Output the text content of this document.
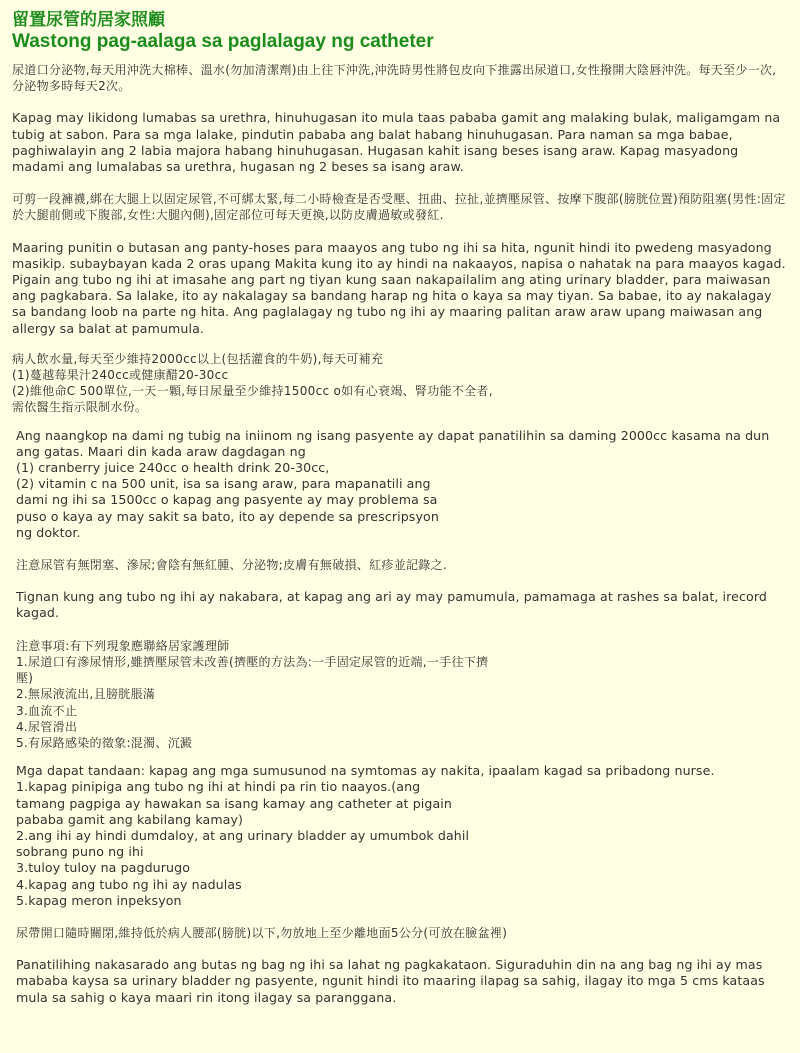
留置尿管的居家照顧
Wastong pag-aalaga sa paglalagay ng catheter

尿道口分泌物,每天用沖洗大棉棒、溫水(勿加清潔劑)由上往下沖洗,沖洗時男性將包皮向下推露出尿道口,女性撥開大陰唇沖洗。每天至少一次,分泌物多時每天2次。

Kapag may likidong lumabas sa urethra, hinuhugasan ito mula taas pababa gamit ang malaking bulak, maligamgam na tubig at sabon. Para sa mga lalake, pindutin pababa ang balat habang hinuhugasan. Para naman sa mga babae, paghiwalayin ang 2 labia majora habang hinuhugasan. Hugasan kahit isang beses isang araw. Kapag masyadong madami ang lumalabas sa urethra, hugasan ng 2 beses sa isang araw.

可剪一段褲襪,綁在大腿上以固定尿管,不可綁太緊,每二小時檢查是否受壓、扭曲、拉扯,並擠壓尿管、按摩下腹部(膀胱位置)預防阻塞(男性:固定於大腿前側或下腹部,女性:大腿內側),固定部位可每天更換,以防皮膚過敏或發紅.

Maaring punitin o butasan ang panty-hoses para maayos ang tubo ng ihi sa hita, ngunit hindi ito pwedeng masyadong masikip. subaybayan kada 2 oras upang Makita kung ito ay hindi na nakaayos, napisa o nahatak na para maayos kagad. Pigain ang tubo ng ihi at imasahe ang part ng tiyan kung saan nakapailalim ang ating urinary bladder, para maiwasan ang pagkabara. Sa lalake, ito ay nakalagay sa bandang harap ng hita o kaya sa may tiyan. Sa babae, ito ay nakalagay sa bandang loob na parte ng hita. Ang paglalagay ng tubo ng ihi ay maaring palitan araw araw upang maiwasan ang allergy sa balat at pamumula.

病人飲水量,每天至少維持2000cc以上(包括灌食的牛奶),每天可補充
(1)蔓越莓果汁240cc或健康醋20-30cc
(2)維他命C 500單位,一天一顆,每日尿量至少維持1500cc o如有心衰竭、腎功能不全者,
需依醫生指示限制水份。

Ang naangkop na dami ng tubig na iniinom ng isang pasyente ay dapat panatilihin sa daming 2000cc kasama na dun
ang gatas. Maari din kada araw dagdagan ng
(1) cranberry juice 240cc o health drink 20-30cc,
(2) vitamin c na 500 unit, isa sa isang araw, para mapanatili ang
dami ng ihi sa 1500cc o kapag ang pasyente ay may problema sa
puso o kaya ay may sakit sa bato, ito ay depende sa prescripsyon
ng doktor.

注意尿管有無閉塞、滲尿;會陰有無紅腫、分泌物;皮膚有無破損、紅疹並記錄之.

Tignan kung ang tubo ng ihi ay nakabara, at kapag ang ari ay may pamumula, pamamaga at rashes sa balat, irecord kagad.

注意事項:有下列現象應聯絡居家護理師
1.尿道口有滲尿情形,雖擠壓尿管未改善(擠壓的方法為:一手固定尿管的近端,一手往下擠
壓)
2.無尿液流出,且膀胱脹滿
3.血流不止
4.尿管滑出
5.有尿路感染的徵象:混濁、沉澱

Mga dapat tandaan: kapag ang mga sumusunod na symtomas ay nakita, ipaalam kagad sa pribadong nurse.
1.kapag pinipiga ang tubo ng ihi at hindi pa rin tio naayos.(ang
tamang pagpiga ay hawakan sa isang kamay ang catheter at pigain
pababa gamit ang kabilang kamay)
2.ang ihi ay hindi dumdaloy, at ang urinary bladder ay umumbok dahil
sobrang puno ng ihi
3.tuloy tuloy na pagdurugo
4.kapag ang tubo ng ihi ay nadulas
5.kapag meron inpeksyon

尿帶開口隨時關閉,維持低於病人腰部(膀胱)以下,勿放地上至少離地面5公分(可放在臉盆裡)

Panatilihing nakasarado ang butas ng bag ng ihi sa lahat ng pagkakataon. Siguraduhin din na ang bag ng ihi ay mas mababa kaysa sa urinary bladder ng pasyente, ngunit hindi ito maaring ilapag sa sahig, ilagay ito mga 5 cms kataas mula sa sahig o kaya maari rin itong ilagay sa paranggana.
